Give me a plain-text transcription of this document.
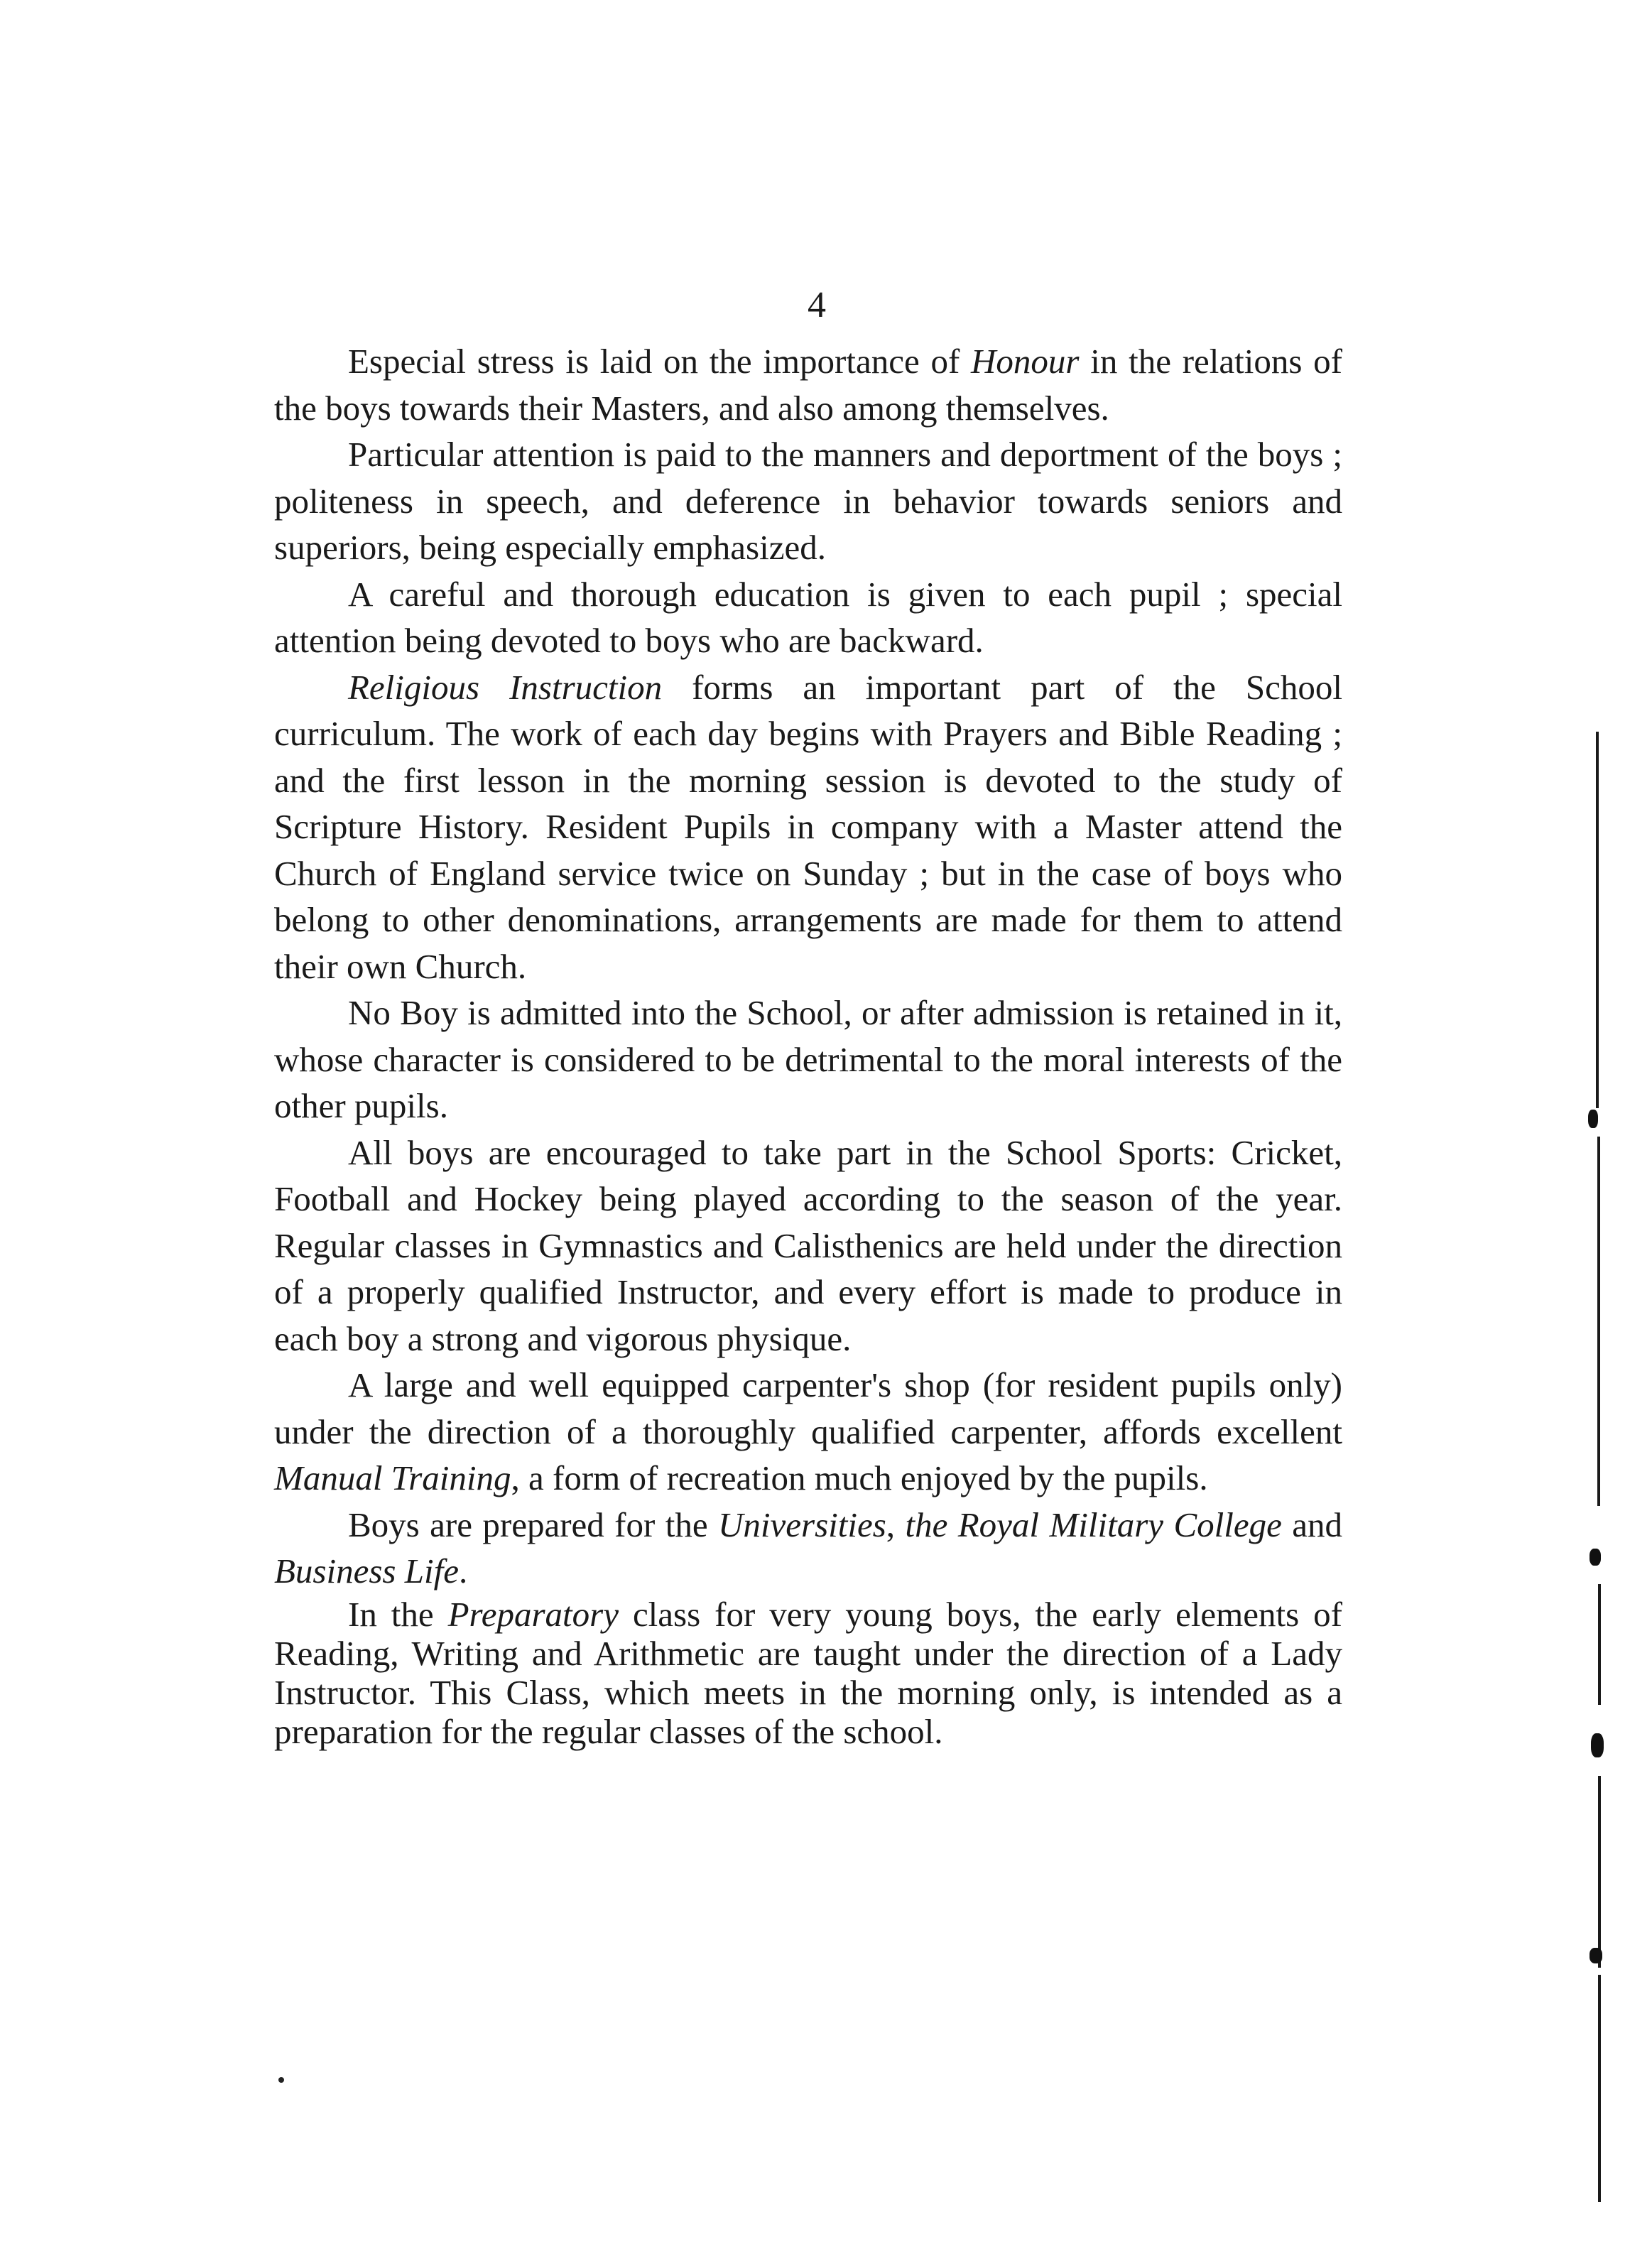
4

Especial stress is laid on the importance of Honour in the relations of the boys towards their Masters, and also among themselves.

Particular attention is paid to the manners and deportment of the boys ; politeness in speech, and deference in behavior towards seniors and superiors, being especially emphasized.

A careful and thorough education is given to each pupil ; special attention being devoted to boys who are backward.

Religious Instruction forms an important part of the School curriculum. The work of each day begins with Prayers and Bible Reading ; and the first lesson in the morning session is devoted to the study of Scripture History. Resident Pupils in company with a Master attend the Church of England service twice on Sunday ; but in the case of boys who belong to other denominations, arrangements are made for them to attend their own Church.

No Boy is admitted into the School, or after admission is retained in it, whose character is considered to be detrimental to the moral interests of the other pupils.

All boys are encouraged to take part in the School Sports: Cricket, Football and Hockey being played according to the season of the year. Regular classes in Gymnastics and Calisthenics are held under the direction of a properly qualified Instructor, and every effort is made to produce in each boy a strong and vigorous physique.

A large and well equipped carpenter's shop (for resident pupils only) under the direction of a thoroughly qualified carpenter, affords excellent Manual Training, a form of recreation much enjoyed by the pupils.

Boys are prepared for the Universities, the Royal Military College and Business Life.

In the Preparatory class for very young boys, the early elements of Reading, Writing and Arithmetic are taught under the direction of a Lady Instructor. This Class, which meets in the morning only, is intended as a preparation for the regular classes of the school.
